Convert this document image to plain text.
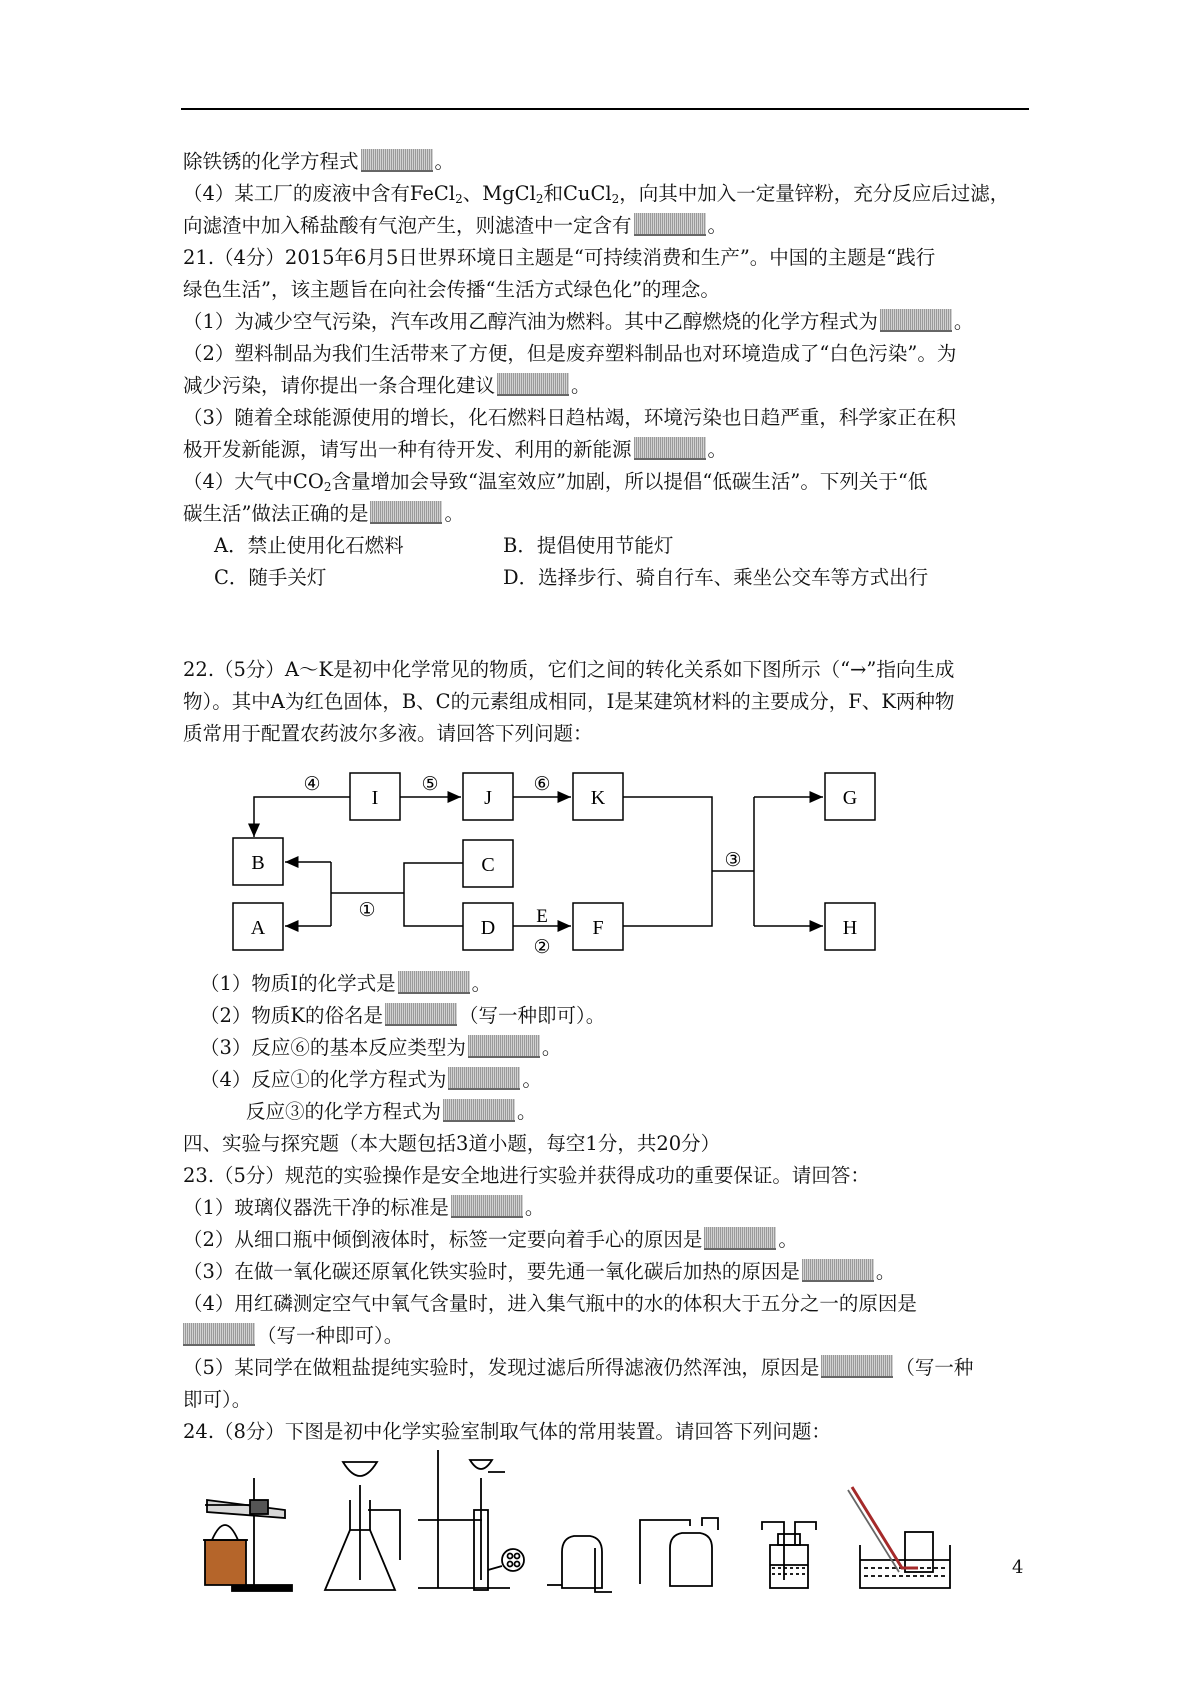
除铁锈的化学方程式	。
（4）某工厂的废液中含有FeCl$_2$、MgCl$_2$和CuCl$_2$，向其中加入一定量锌粉，充分反应后过滤，
向滤渣中加入稀盐酸有气泡产生，则滤渣中一定含有	。
21.（4分）2015年6月5日世界环境日主题是“可持续消费和生产”。中国的主题是“践行
绿色生活”，该主题旨在向社会传播“生活方式绿色化”的理念。
（1）为减少空气污染，汽车改用乙醇汽油为燃料。其中乙醇燃烧的化学方程式为	。
（2）塑料制品为我们生活带来了方便，但是废弃塑料制品也对环境造成了“白色污染”。为
减少污染，请你提出一条合理化建议	。
（3）随着全球能源使用的增长，化石燃料日趋枯竭，环境污染也日趋严重，科学家正在积
极开发新能源，请写出一种有待开发、利用的新能源	。
（4）大气中$CO_2$含量增加会导致“温室效应”加剧，所以提倡“低碳生活”。下列关于“低
碳生活”做法正确的是	。
A．禁止使用化石燃料	B．提倡使用节能灯
C．随手关灯	D．选择步行、骑自行车、乘坐公交车等方式出行
22.（5分）A～K是初中化学常见的物质，它们之间的转化关系如下图所示（“→”指向生成
物）。其中A为红色固体，B、C的元素组成相同，I是某建筑材料的主要成分，F、K两种物
质常用于配置农药波尔多液。请回答下列问题：
I	J	K	G
B	C
A	D	F	H
④	⑤	⑥
①	E
②
③
（1）物质I的化学式是	。
（2）物质K的俗名是	（写一种即可）。
（3）反应⑥的基本反应类型为	。
（4）反应①的化学方程式为	。
反应③的化学方程式为	。
四、实验与探究题（本大题包括3道小题，每空1分，共20分）
23.（5分）规范的实验操作是安全地进行实验并获得成功的重要保证。请回答：
（1）玻璃仪器洗干净的标准是	。
（2）从细口瓶中倾倒液体时，标签一定要向着手心的原因是	。
（3）在做一氧化碳还原氧化铁实验时，要先通一氧化碳后加热的原因是	。
（4）用红磷测定空气中氧气含量时，进入集气瓶中的水的体积大于五分之一的原因是
（写一种即可）。
（5）某同学在做粗盐提纯实验时，发现过滤后所得滤液仍然浑浊，原因是	（写一种
即可）。
24.（8分）下图是初中化学实验室制取气体的常用装置。请回答下列问题：
4
